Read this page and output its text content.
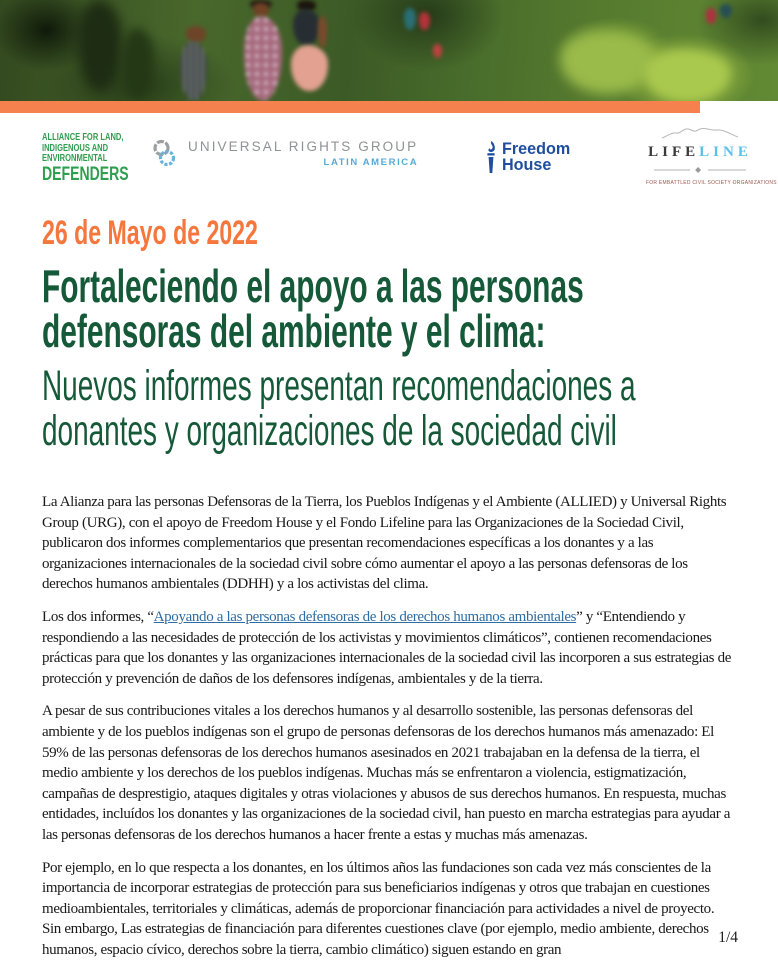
ALLIANCE FOR LAND,
INDIGENOUS AND
ENVIRONMENTAL
DEFENDERS
UNIVERSAL RIGHTS GROUP
LATIN AMERICA
Freedom
House
LIFELINE
FOR EMBATTLED CIVIL SOCIETY ORGANIZATIONS
26 de Mayo de 2022
Fortaleciendo el apoyo a las personas
defensoras del ambiente y el clima:
Nuevos informes presentan recomendaciones a
donantes y organizaciones de la sociedad civil

La Alianza para las personas Defensoras de la Tierra, los Pueblos Indígenas y el Ambiente (ALLIED) y Universal Rights Group (URG), con el apoyo de Freedom House y el Fondo Lifeline para las Organizaciones de la Sociedad Civil, publicaron dos informes complementarios que presentan recomendaciones específicas a los donantes y a las organizaciones internacionales de la sociedad civil sobre cómo aumentar el apoyo a las personas defensoras de los derechos humanos ambientales (DDHH) y a los activistas del clima.

Los dos informes, “Apoyando a las personas defensoras de los derechos humanos ambientales” y “Entendiendo y respondiendo a las necesidades de protección de los activistas y movimientos climáticos”, contienen recomendaciones prácticas para que los donantes y las organizaciones internacionales de la sociedad civil las incorporen a sus estrategias de protección y prevención de daños de los defensores indígenas, ambientales y de la tierra.

A pesar de sus contribuciones vitales a los derechos humanos y al desarrollo sostenible, las personas defensoras del ambiente y de los pueblos indígenas son el grupo de personas defensoras de los derechos humanos más amenazado: El 59% de las personas defensoras de los derechos humanos asesinados en 2021 trabajaban en la defensa de la tierra, el medio ambiente y los derechos de los pueblos indígenas. Muchas más se enfrentaron a violencia, estigmatización, campañas de desprestigio, ataques digitales y otras violaciones y abusos de sus derechos humanos. En respuesta, muchas entidades, incluídos los donantes y las organizaciones de la sociedad civil, han puesto en marcha estrategias para ayudar a las personas defensoras de los derechos humanos a hacer frente a estas y muchas más amenazas.

Por ejemplo, en lo que respecta a los donantes, en los últimos años las fundaciones son cada vez más conscientes de la importancia de incorporar estrategias de protección para sus beneficiarios indígenas y otros que trabajan en cuestiones medioambientales, territoriales y climáticas, además de proporcionar financiación para actividades a nivel de proyecto. Sin embargo, Las estrategias de financiación para diferentes cuestiones clave (por ejemplo, medio ambiente, derechos humanos, espacio cívico, derechos sobre la tierra, cambio climático) siguen estando en gran

1/4
